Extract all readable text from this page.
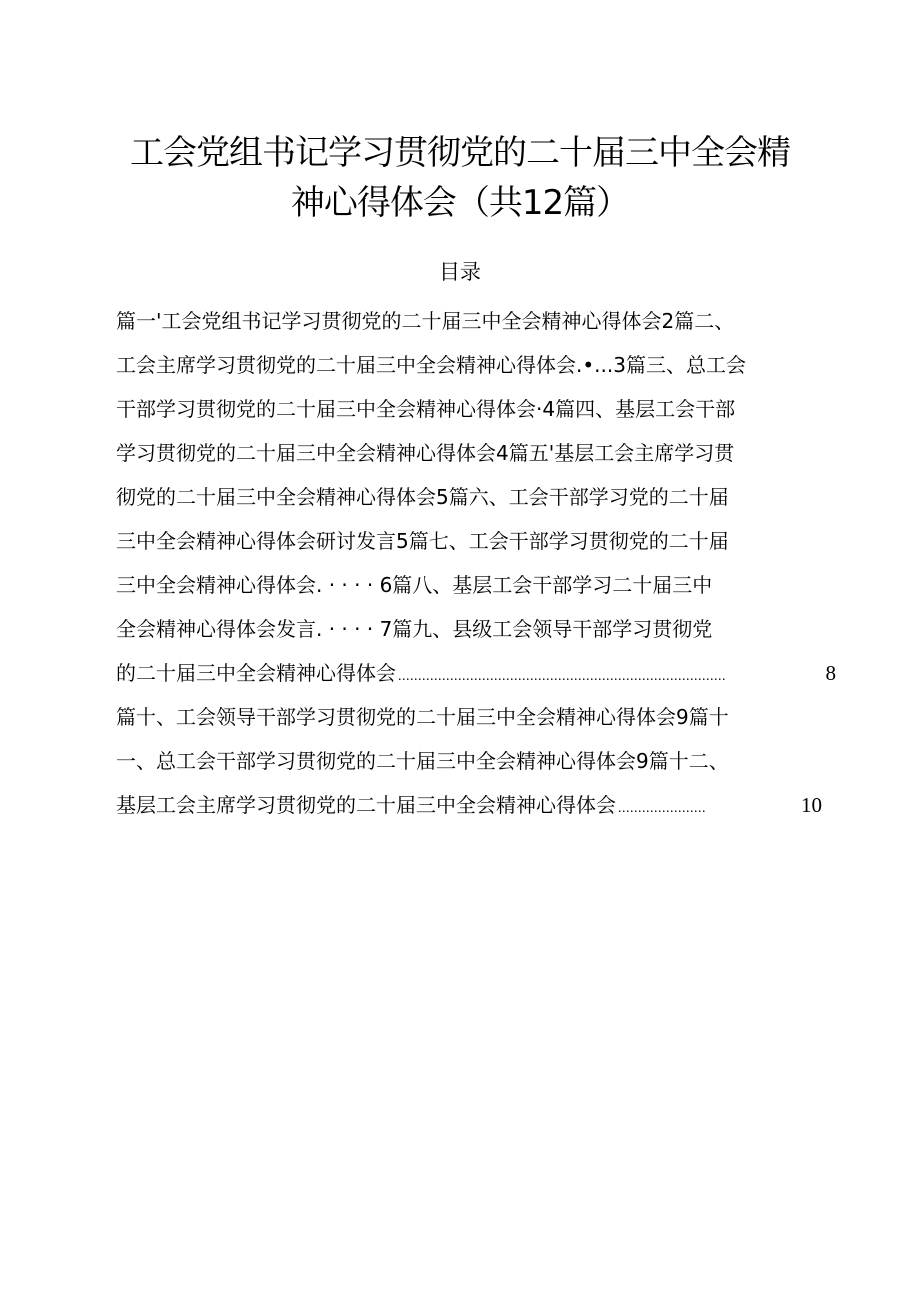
工会党组书记学习贯彻党的二十届三中全会精
神心得体会（共12篇）
目录
篇一'工会党组书记学习贯彻党的二十届三中全会精神心得体会2篇二、
工会主席学习贯彻党的二十届三中全会精神心得体会.•...3篇三、总工会
干部学习贯彻党的二十届三中全会精神心得体会·4篇四、基层工会干部
学习贯彻党的二十届三中全会精神心得体会4篇五'基层工会主席学习贯
彻党的二十届三中全会精神心得体会5篇六、工会干部学习党的二十届
三中全会精神心得体会研讨发言5篇七、工会干部学习贯彻党的二十届
三中全会精神心得体会. · · · · 6篇八、基层工会干部学习二十届三中
全会精神心得体会发言. · · · · 7篇九、县级工会领导干部学习贯彻党
的二十届三中全会精神心得体会 ..................................................................................	8
篇十、工会领导干部学习贯彻党的二十届三中全会精神心得体会9篇十
一、总工会干部学习贯彻党的二十届三中全会精神心得体会9篇十二、
基层工会主席学习贯彻党的二十届三中全会精神心得体会 ......................	10
